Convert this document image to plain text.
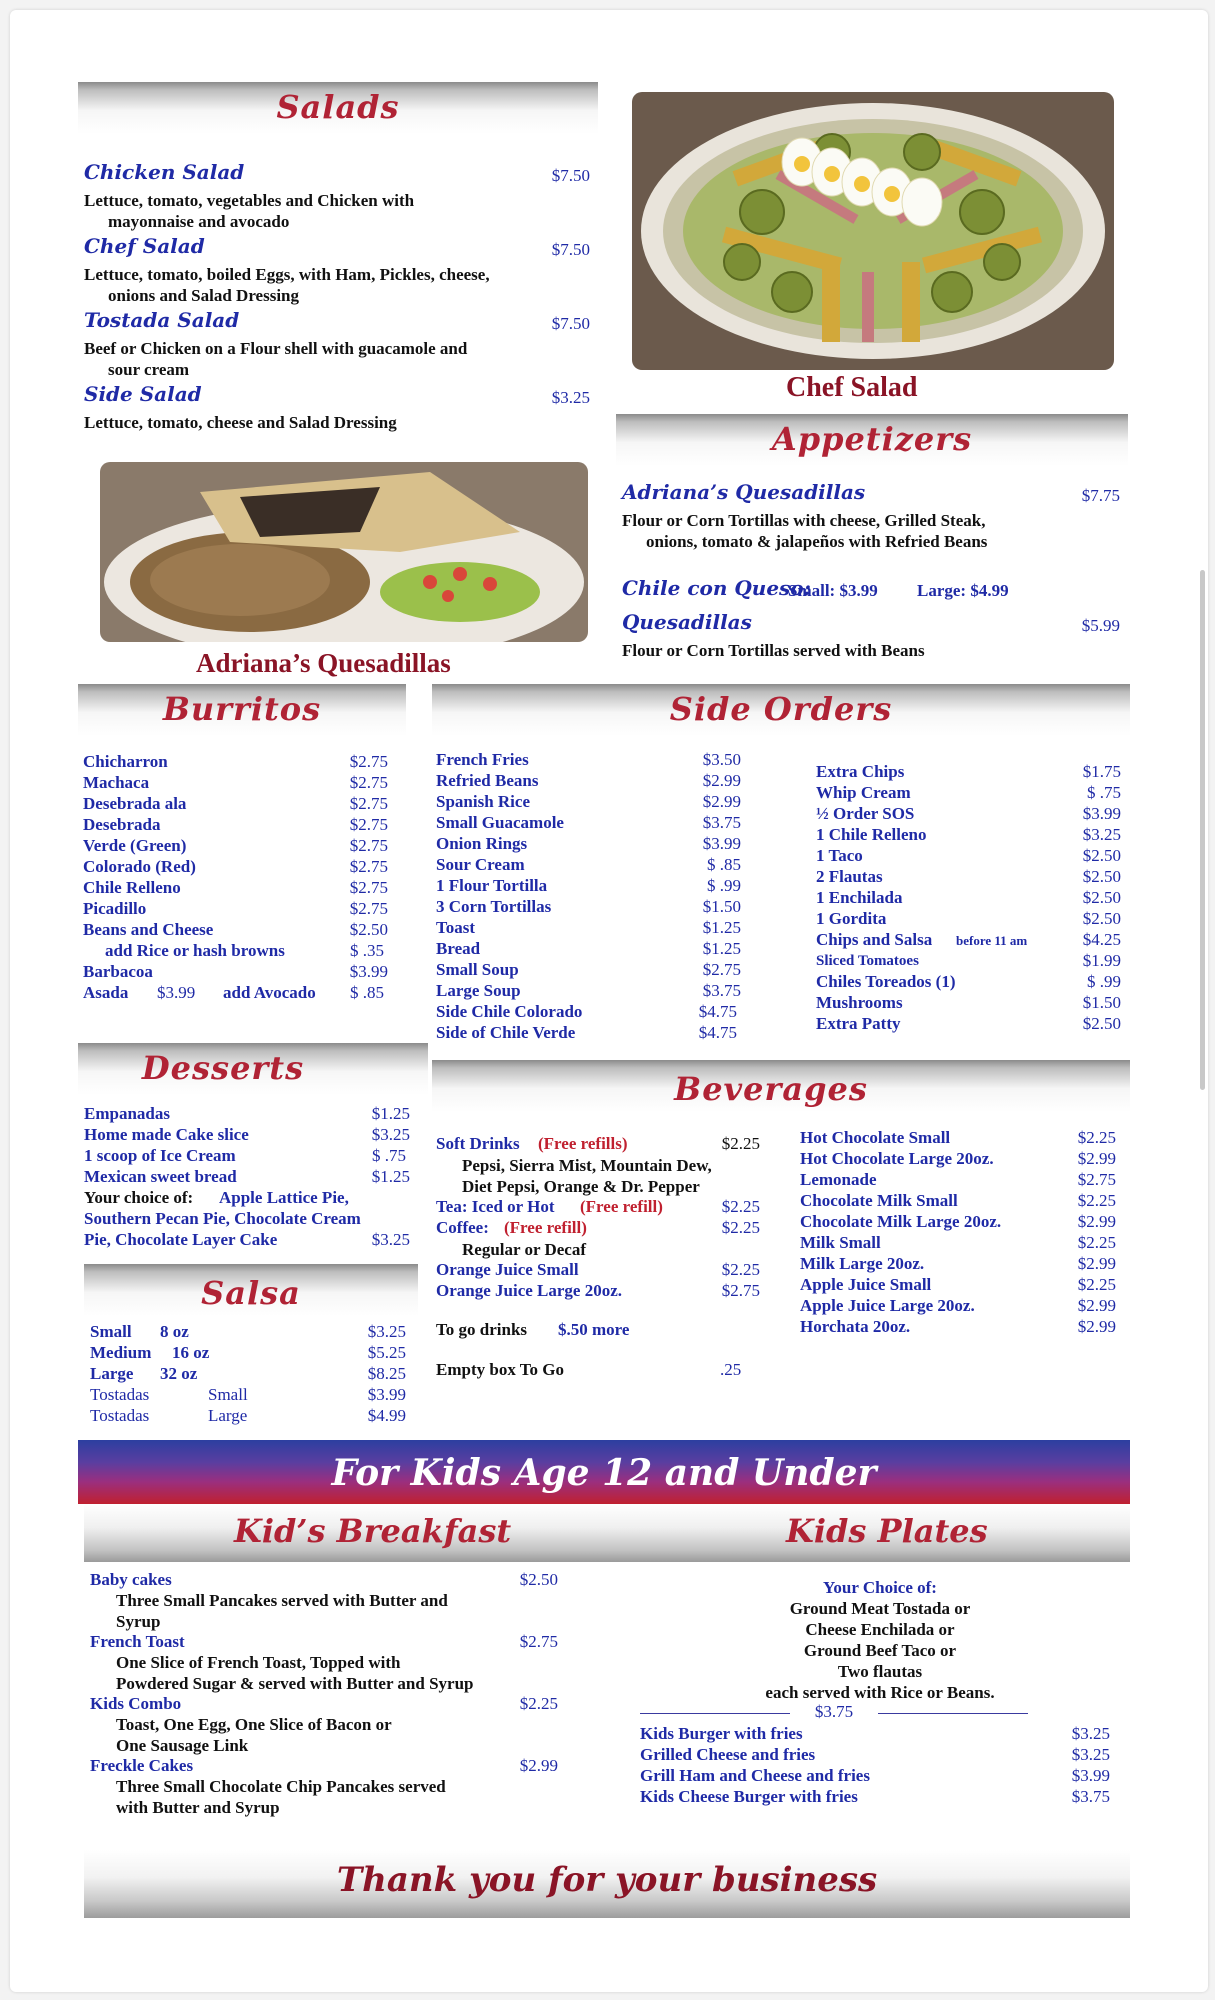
Salads
Chicken Salad	$7.50
Lettuce, tomato, vegetables and Chicken with
mayonnaise and avocado
Chef Salad	$7.50
Lettuce, tomato, boiled Eggs, with Ham, Pickles, cheese,
onions and Salad Dressing
Tostada Salad	$7.50
Beef or Chicken on a Flour shell with guacamole and
sour cream
Side Salad	$3.25
Lettuce, tomato, cheese and Salad Dressing
Chef Salad
Adriana’s Quesadillas
Appetizers
Adriana’s Quesadillas	$7.75
Flour or Corn Tortillas with cheese, Grilled Steak,
onions, tomato & jalapeños with Refried Beans
Chile con Queso:
Small: $3.99 Large: $4.99
Quesadillas	$5.99
Flour or Corn Tortillas served with Beans
Burritos
Chicharron	$2.75
Machaca	$2.75
Desebrada ala	$2.75
Desebrada	$2.75
Verde (Green)	$2.75
Colorado (Red)	$2.75
Chile Relleno	$2.75
Picadillo	$2.75
Beans and Cheese	$2.50
add Rice or hash browns	$ .35
Barbacoa	$3.99
Asada $3.99 add Avocado $ .85
Side Orders
French Fries	$3.50
Refried Beans	$2.99
Spanish Rice	$2.99
Small Guacamole	$3.75
Onion Rings	$3.99
Sour Cream	$ .85
1 Flour Tortilla	$ .99
3 Corn Tortillas	$1.50
Toast	$1.25
Bread	$1.25
Small Soup	$2.75
Large Soup	$3.75
Side Chile Colorado	$4.75
Side of Chile Verde	$4.75
Extra Chips	$1.75
Whip Cream	$ .75
½ Order SOS	$3.99
1 Chile Relleno	$3.25
1 Taco	$2.50
2 Flautas	$2.50
1 Enchilada	$2.50
1 Gordita	$2.50
Chips and Salsa before 11 am	$4.25
Sliced Tomatoes	$1.99
Chiles Toreados (1)	$ .99
Mushrooms	$1.50
Extra Patty	$2.50
Desserts
Empanadas	$1.25
Home made Cake slice	$3.25
1 scoop of Ice Cream	$ .75
Mexican sweet bread	$1.25
Your choice of: Apple Lattice Pie,
Southern Pecan Pie, Chocolate Cream
Pie, Chocolate Layer Cake	$3.25
Salsa
Small 8 oz	$3.25
Medium 16 oz	$5.25
Large 32 oz	$8.25
Tostadas	Small	$3.99
Tostadas	Large	$4.99
Beverages
Soft Drinks (Free refills)	$2.25
Pepsi, Sierra Mist, Mountain Dew,
Diet Pepsi, Orange & Dr. Pepper
Tea: Iced or Hot (Free refill)	$2.25
Coffee: (Free refill)	$2.25
Regular or Decaf
Orange Juice Small	$2.25
Orange Juice Large 20oz.	$2.75
To go drinks $.50 more
Empty box To Go	.25
Hot Chocolate Small	$2.25
Hot Chocolate Large 20oz.	$2.99
Lemonade	$2.75
Chocolate Milk Small	$2.25
Chocolate Milk Large 20oz.	$2.99
Milk Small	$2.25
Milk Large 20oz.	$2.99
Apple Juice Small	$2.25
Apple Juice Large 20oz.	$2.99
Horchata 20oz.	$2.99
For Kids Age 12 and Under
Kid’s Breakfast	Kids Plates
Baby cakes	$2.50
Three Small Pancakes served with Butter and
Syrup
French Toast	$2.75
One Slice of French Toast, Topped with
Powdered Sugar & served with Butter and Syrup
Kids Combo	$2.25
Toast, One Egg, One Slice of Bacon or
One Sausage Link
Freckle Cakes	$2.99
Three Small Chocolate Chip Pancakes served
with Butter and Syrup
Your Choice of:
Ground Meat Tostada or
Cheese Enchilada or
Ground Beef Taco or
Two flautas
each served with Rice or Beans.
$3.75
Kids Burger with fries	$3.25
Grilled Cheese and fries	$3.25
Grill Ham and Cheese and fries	$3.99
Kids Cheese Burger with fries	$3.75
Thank you for your business
